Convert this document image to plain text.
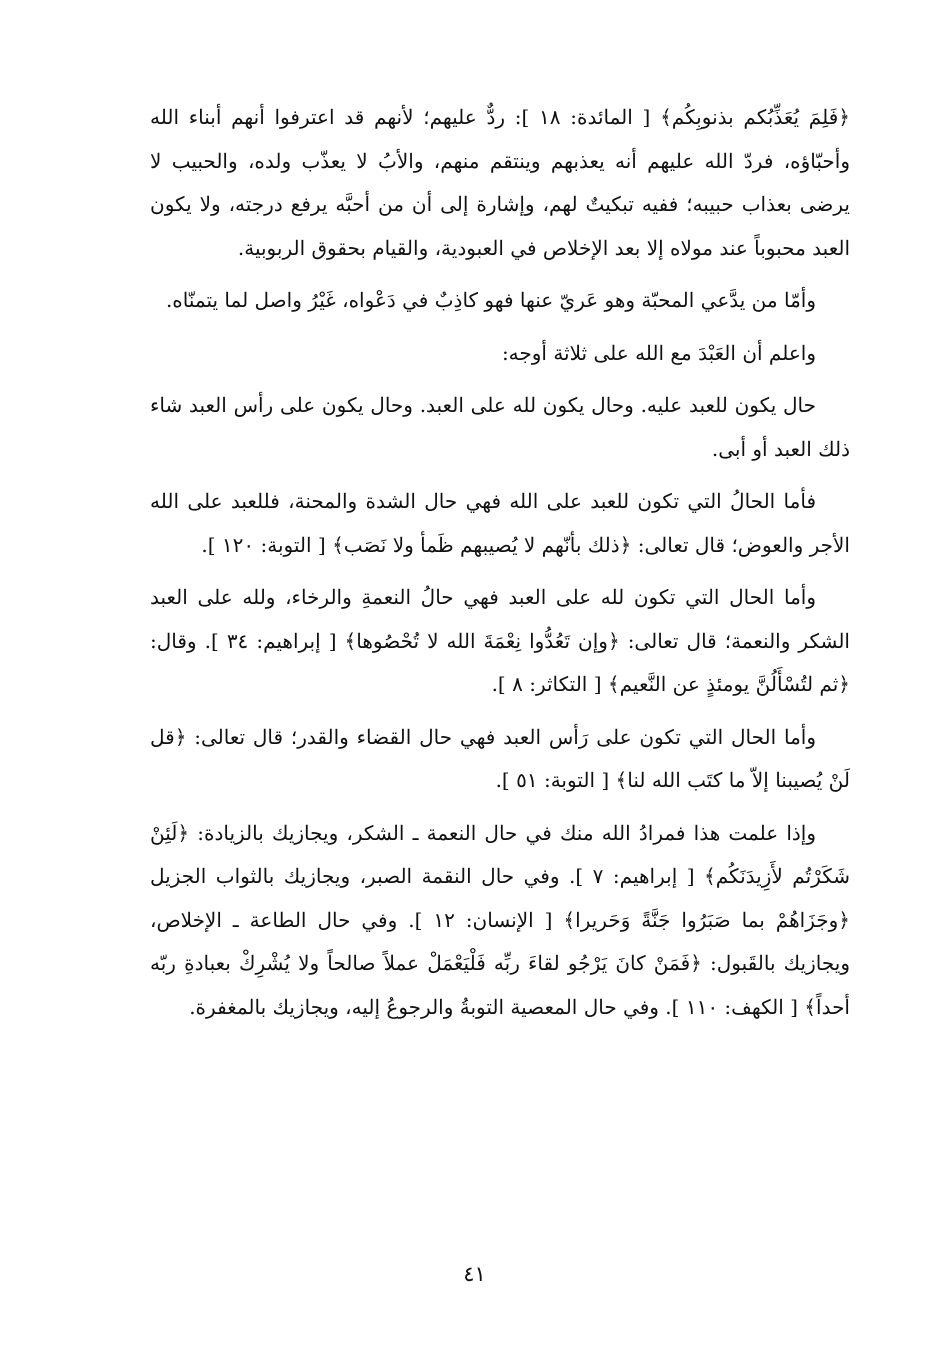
﴿فَلِمَ يُعَذِّبُكم بذنوبِكُم﴾ [ المائدة: ١٨ ]: ردٌّ عليهم؛ لأنهم قد اعترفوا أنهم أبناء الله وأحبّاؤه، فردّ الله عليهم أنه يعذبهم وينتقم منهم، والأبُ لا يعذّب ولده، والحبيب لا يرضى بعذاب حبيبه؛ ففيه تبكيتٌ لهم، وإشارة إلى أن من أحبَّه يرفع درجته، ولا يكون العبد محبوباً عند مولاه إلا بعد الإخلاص في العبودية، والقيام بحقوق الربوبية.

وأمّا من يدَّعي المحبّة وهو عَريّ عنها فهو كاذِبٌ في دَعْواه، غَيْرُ واصل لما يتمنّاه.

واعلم أن العَبْدَ مع الله على ثلاثة أوجه:

حال يكون للعبد عليه. وحال يكون لله على العبد. وحال يكون على رأس العبد شاء ذلك العبد أو أبى.

فأما الحالُ التي تكون للعبد على الله فهي حال الشدة والمحنة، فللعبد على الله الأجر والعوض؛ قال تعالى: ﴿ذلك بأنّهم لا يُصيبهم ظَمأ ولا نَصَب﴾ [ التوبة: ١٢٠ ].

وأما الحال التي تكون لله على العبد فهي حالُ النعمةِ والرخاء، ولله على العبد الشكر والنعمة؛ قال تعالى: ﴿وإن تَعُدُّوا نِعْمَةَ الله لا تُحْصُوها﴾ [ إبراهيم: ٣٤ ]. وقال: ﴿ثم لتُسْأَلُنَّ يومئذٍ عن النَّعيم﴾ [ التكاثر: ٨ ].

وأما الحال التي تكون على رَأس العبد فهي حال القضاء والقدر؛ قال تعالى: ﴿قل لَنْ يُصيبنا إلاّ ما كتَب الله لنا﴾ [ التوبة: ٥١ ].

وإذا علمت هذا فمرادُ الله منك في حال النعمة ـ الشكر، ويجازيك بالزيادة: ﴿لَئِنْ شَكَرْتُم لأَزِيدَنَكُم﴾ [ إبراهيم: ٧ ]. وفي حال النقمة الصبر، ويجازيك بالثواب الجزيل ﴿وجَزَاهُمْ بما صَبَرُوا جَنَّةً وَحَريرا﴾ [ الإنسان: ١٢ ]. وفي حال الطاعة ـ الإخلاص، ويجازيك بالقَبول: ﴿فَمَنْ كانَ يَرْجُو لقاءَ ربِّه فَلْيَعْمَلْ عملاً صالحاً ولا يُشْرِكْ بعبادةِ ربّه أحداً﴾ [ الكهف: ١١٠ ]. وفي حال المعصية التوبةُ والرجوعُ إليه، ويجازيك بالمغفرة.

٤١
